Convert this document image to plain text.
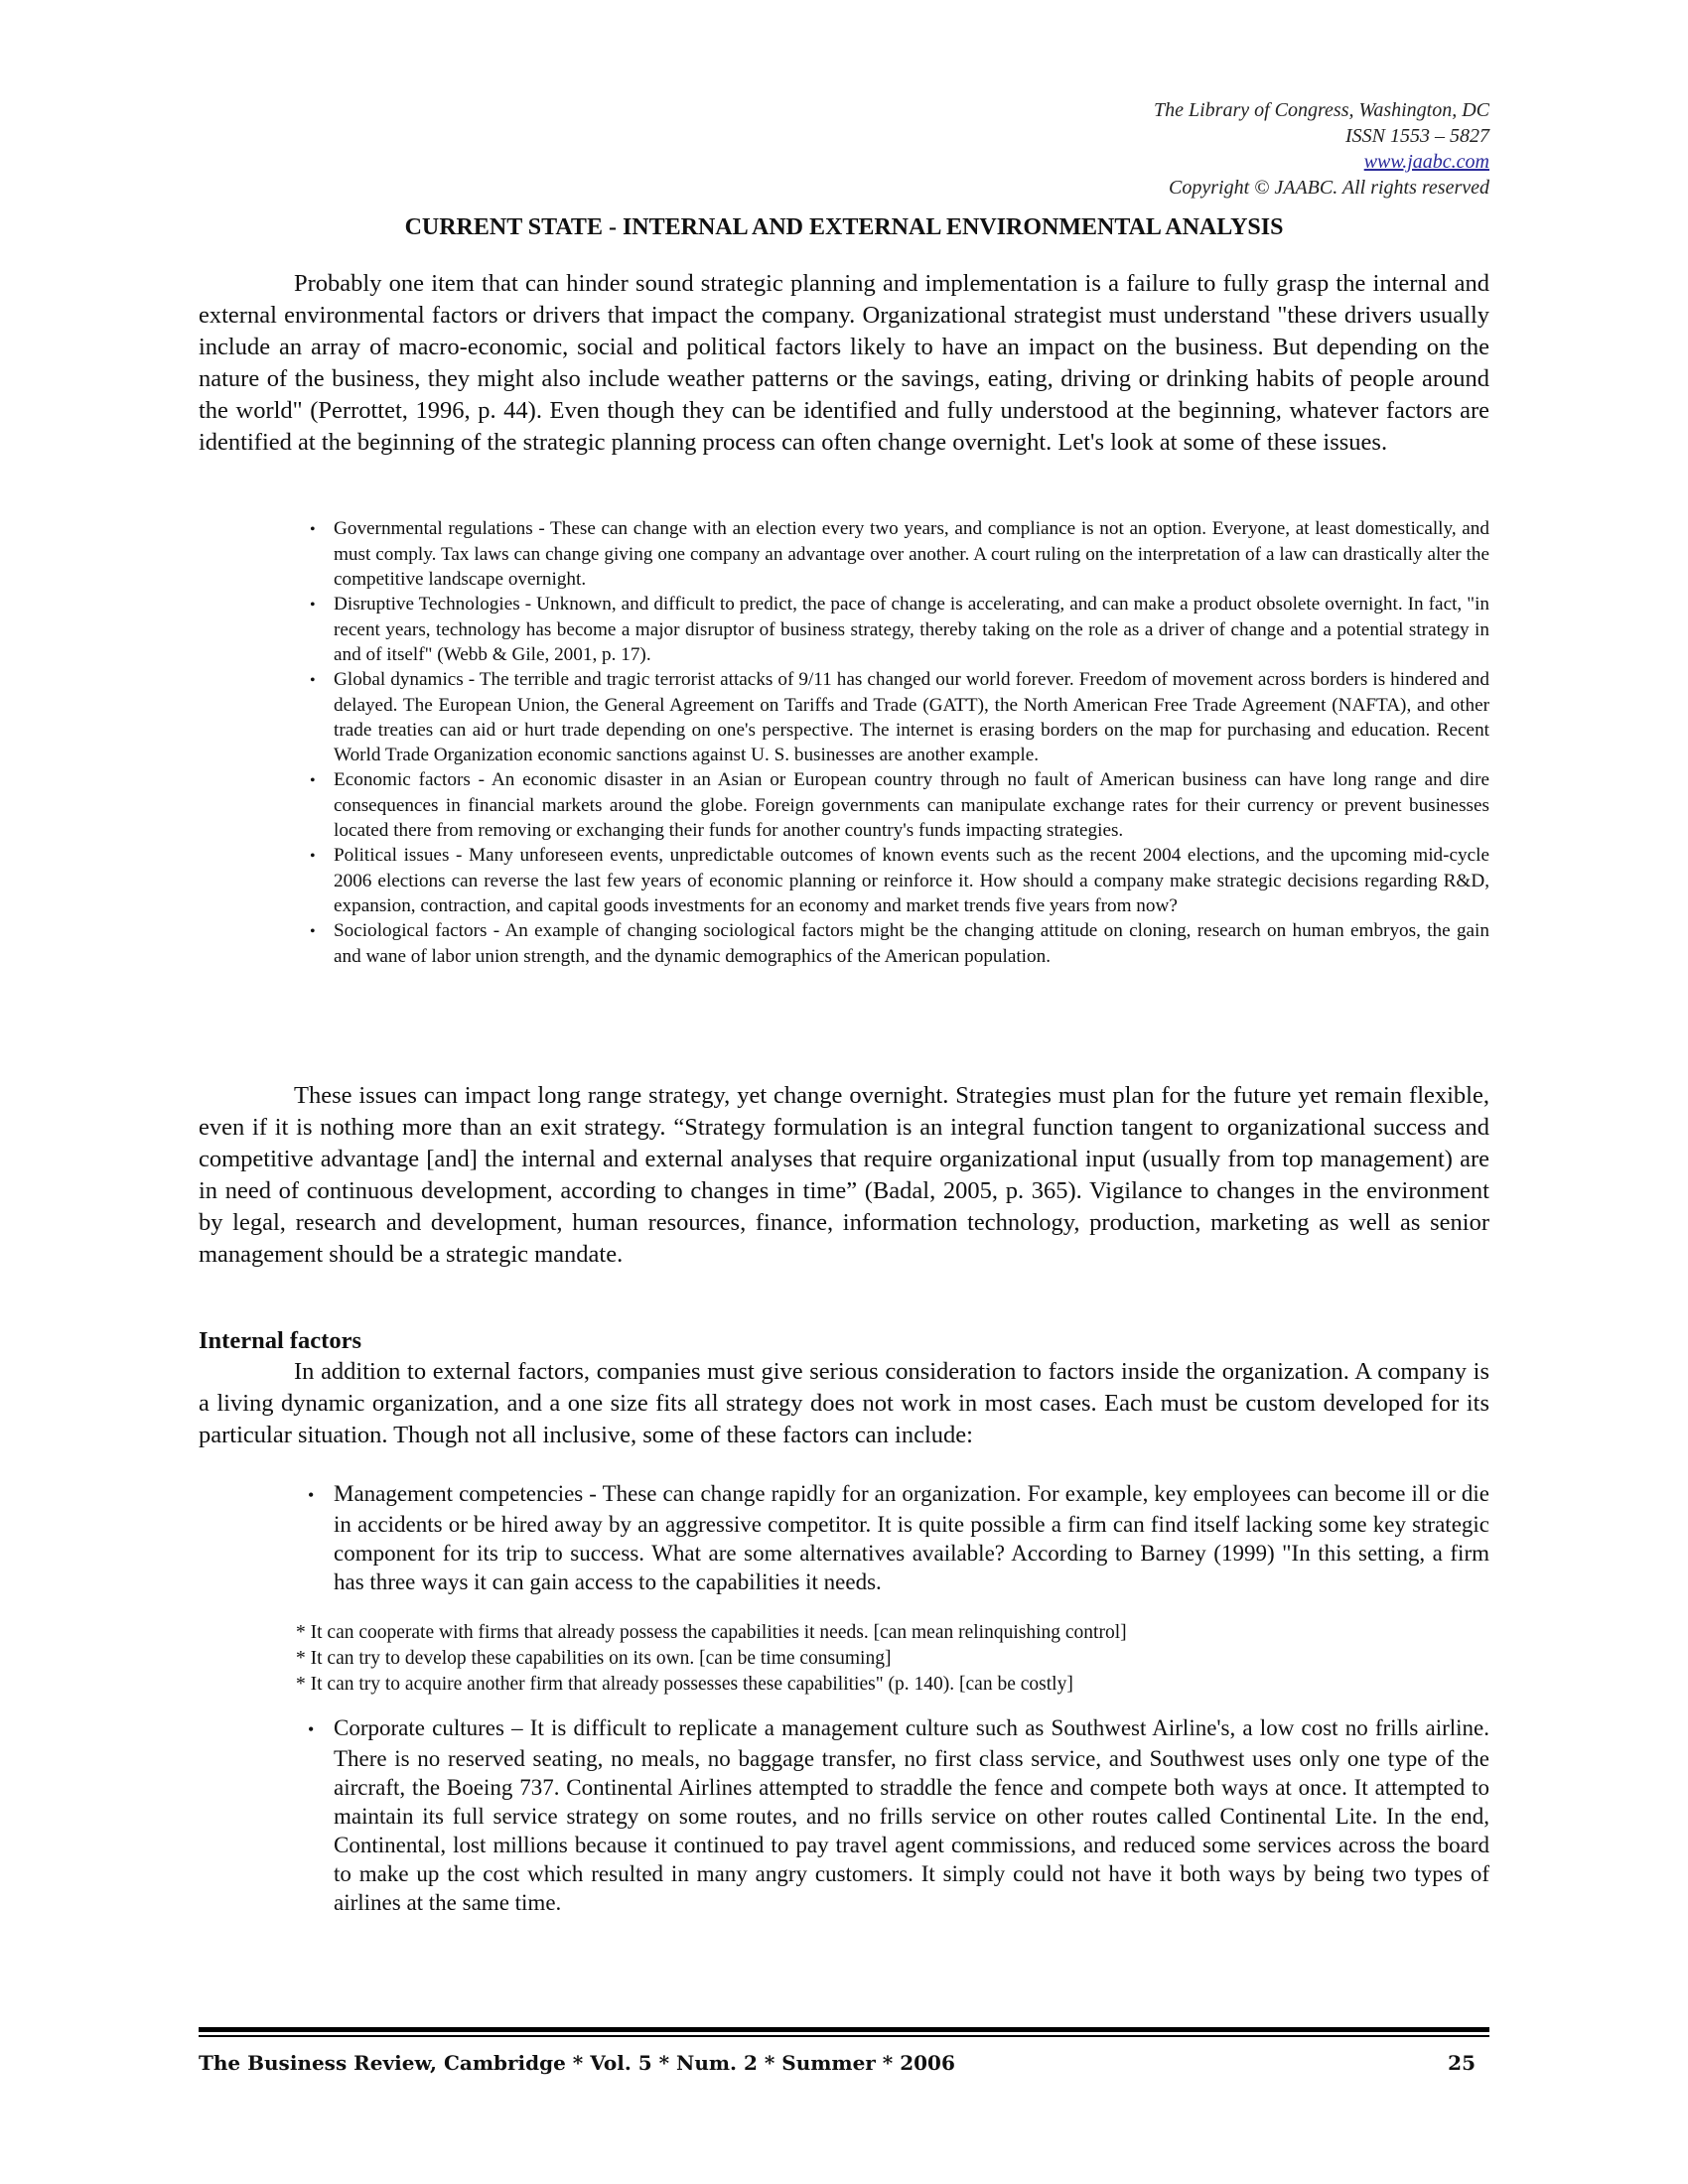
The Library of Congress, Washington, DC
ISSN 1553 – 5827
www.jaabc.com
Copyright © JAABC. All rights reserved
CURRENT STATE - INTERNAL AND EXTERNAL ENVIRONMENTAL ANALYSIS

Probably one item that can hinder sound strategic planning and implementation is a failure to fully grasp the internal and external environmental factors or drivers that impact the company. Organizational strategist must understand "these drivers usually include an array of macro-economic, social and political factors likely to have an impact on the business. But depending on the nature of the business, they might also include weather patterns or the savings, eating, driving or drinking habits of people around the world" (Perrottet, 1996, p. 44). Even though they can be identified and fully understood at the beginning, whatever factors are identified at the beginning of the strategic planning process can often change overnight. Let's look at some of these issues.

• Governmental regulations - These can change with an election every two years, and compliance is not an option. Everyone, at least domestically, and must comply. Tax laws can change giving one company an advantage over another. A court ruling on the interpretation of a law can drastically alter the competitive landscape overnight.
• Disruptive Technologies - Unknown, and difficult to predict, the pace of change is accelerating, and can make a product obsolete overnight. In fact, "in recent years, technology has become a major disruptor of business strategy, thereby taking on the role as a driver of change and a potential strategy in and of itself" (Webb & Gile, 2001, p. 17).
• Global dynamics - The terrible and tragic terrorist attacks of 9/11 has changed our world forever. Freedom of movement across borders is hindered and delayed. The European Union, the General Agreement on Tariffs and Trade (GATT), the North American Free Trade Agreement (NAFTA), and other trade treaties can aid or hurt trade depending on one's perspective. The internet is erasing borders on the map for purchasing and education. Recent World Trade Organization economic sanctions against U. S. businesses are another example.
• Economic factors - An economic disaster in an Asian or European country through no fault of American business can have long range and dire consequences in financial markets around the globe. Foreign governments can manipulate exchange rates for their currency or prevent businesses located there from removing or exchanging their funds for another country's funds impacting strategies.
• Political issues - Many unforeseen events, unpredictable outcomes of known events such as the recent 2004 elections, and the upcoming mid-cycle 2006 elections can reverse the last few years of economic planning or reinforce it. How should a company make strategic decisions regarding R&D, expansion, contraction, and capital goods investments for an economy and market trends five years from now?
• Sociological factors - An example of changing sociological factors might be the changing attitude on cloning, research on human embryos, the gain and wane of labor union strength, and the dynamic demographics of the American population.

These issues can impact long range strategy, yet change overnight. Strategies must plan for the future yet remain flexible, even if it is nothing more than an exit strategy. “Strategy formulation is an integral function tangent to organizational success and competitive advantage [and] the internal and external analyses that require organizational input (usually from top management) are in need of continuous development, according to changes in time” (Badal, 2005, p. 365). Vigilance to changes in the environment by legal, research and development, human resources, finance, information technology, production, marketing as well as senior management should be a strategic mandate.

Internal factors

In addition to external factors, companies must give serious consideration to factors inside the organization. A company is a living dynamic organization, and a one size fits all strategy does not work in most cases. Each must be custom developed for its particular situation. Though not all inclusive, some of these factors can include:

• Management competencies - These can change rapidly for an organization. For example, key employees can become ill or die in accidents or be hired away by an aggressive competitor. It is quite possible a firm can find itself lacking some key strategic component for its trip to success. What are some alternatives available? According to Barney (1999) "In this setting, a firm has three ways it can gain access to the capabilities it needs.
* It can cooperate with firms that already possess the capabilities it needs. [can mean relinquishing control]
* It can try to develop these capabilities on its own. [can be time consuming]
* It can try to acquire another firm that already possesses these capabilities" (p. 140). [can be costly]
• Corporate cultures – It is difficult to replicate a management culture such as Southwest Airline's, a low cost no frills airline. There is no reserved seating, no meals, no baggage transfer, no first class service, and Southwest uses only one type of the aircraft, the Boeing 737. Continental Airlines attempted to straddle the fence and compete both ways at once. It attempted to maintain its full service strategy on some routes, and no frills service on other routes called Continental Lite. In the end, Continental, lost millions because it continued to pay travel agent commissions, and reduced some services across the board to make up the cost which resulted in many angry customers. It simply could not have it both ways by being two types of airlines at the same time.
The Business Review, Cambridge * Vol. 5 * Num. 2 * Summer * 2006	25
